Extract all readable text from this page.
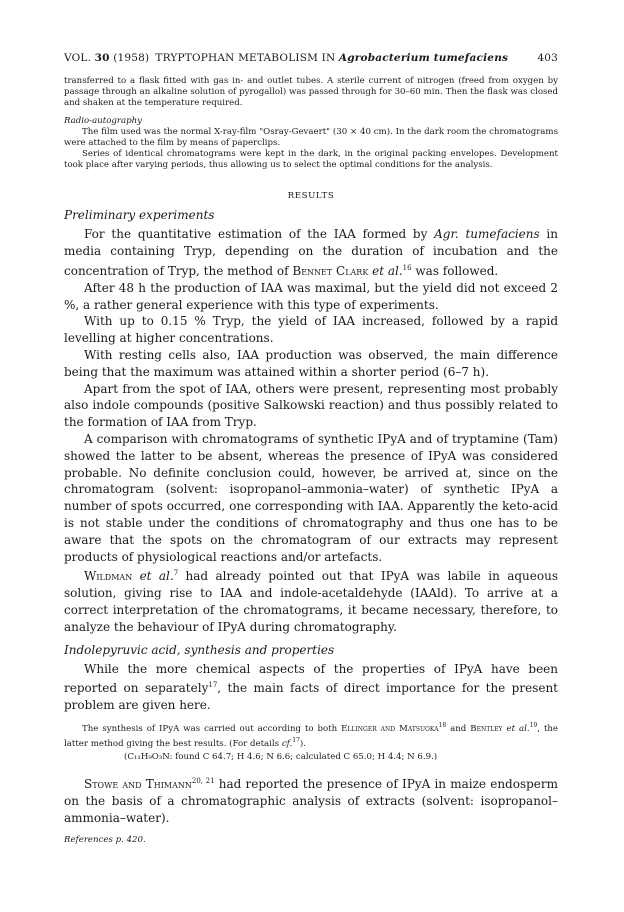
VOL. 30 (1958) TRYPTOPHAN METABOLISM IN Agrobacterium tumefaciens	403

transferred to a flask fitted with gas in- and outlet tubes. A sterile current of nitrogen (freed from oxygen by passage through an alkaline solution of pyrogallol) was passed through for 30–60 min. Then the flask was closed and shaken at the temperature required.

Radio-autography

The film used was the normal X-ray-film "Osray-Gevaert" (30 × 40 cm). In the dark room the chromatograms were attached to the film by means of paperclips.

Series of identical chromatograms were kept in the dark, in the original packing envelopes. Development took place after varying periods, thus allowing us to select the optimal conditions for the analysis.

RESULTS
Preliminary experiments

For the quantitative estimation of the IAA formed by Agr. tumefaciens in media containing Tryp, depending on the duration of incubation and the concentration of Tryp, the method of Bennet Clark et al.$^{16}$ was followed.

After 48 h the production of IAA was maximal, but the yield did not exceed 2 %, a rather general experience with this type of experiments.

With up to 0.15 % Tryp, the yield of IAA increased, followed by a rapid levelling at higher concentrations.

With resting cells also, IAA production was observed, the main difference being that the maximum was attained within a shorter period (6–7 h).

Apart from the spot of IAA, others were present, representing most probably also indole compounds (positive Salkowski reaction) and thus possibly related to the formation of IAA from Tryp.

A comparison with chromatograms of synthetic IPyA and of tryptamine (Tam) showed the latter to be absent, whereas the presence of IPyA was considered probable. No definite conclusion could, however, be arrived at, since on the chromatogram (solvent: isopropanol–ammonia–water) of synthetic IPyA a number of spots occurred, one corresponding with IAA. Apparently the keto-acid is not stable under the conditions of chromatography and thus one has to be aware that the spots on the chromatogram of our extracts may represent products of physiological reactions and/or artefacts.

Wildman et al.$^7$ had already pointed out that IPyA was labile in aqueous solution, giving rise to IAA and indole-acetaldehyde (IAAld). To arrive at a correct interpretation of the chromatograms, it became necessary, therefore, to analyze the behaviour of IPyA during chromatography.

Indolepyruvic acid, synthesis and properties

While the more chemical aspects of the properties of IPyA have been reported on separately$^{17}$, the main facts of direct importance for the present problem are given here.

The synthesis of IPyA was carried out according to both Ellinger and Matsuoka$^{18}$ and Bentley et al.$^{19}$, the latter method giving the best results. (For details cf.$^{17}$).

(C₁₁H₉O₃N: found C 64.7; H 4.6; N 6.6; calculated C 65.0; H 4.4; N 6.9.)

Stowe and Thimann$^{20, 21}$ had reported the presence of IPyA in maize endosperm on the basis of a chromatographic analysis of extracts (solvent: isopropanol–ammonia–water).

References p. 420.
